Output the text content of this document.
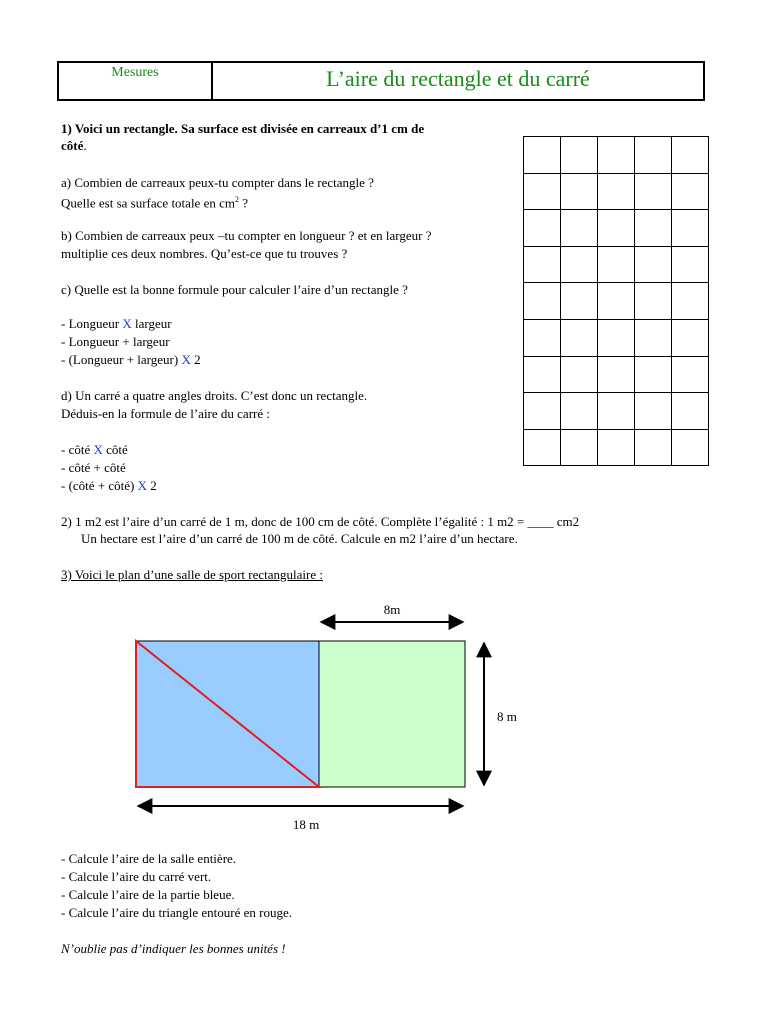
Mesures	L’aire du rectangle et du carré
1) Voici un rectangle. Sa surface est divisée en carreaux d’1 cm de
côté.
a) Combien de carreaux peux-tu compter dans le rectangle ?
Quelle est sa surface totale en $cm^2$ ?
b) Combien de carreaux peux –tu compter en longueur ? et en largeur ?
multiplie ces deux nombres. Qu’est-ce que tu trouves ?
c) Quelle est la bonne formule pour calculer l’aire d’un rectangle ?
- Longueur X largeur
- Longueur + largeur
- (Longueur + largeur) X 2
d) Un carré a quatre angles droits. C’est donc un rectangle.
Déduis-en la formule de l’aire du carré :
- côté X côté
- côté + côté
- (côté + côté) X 2
2) 1 m2 est l’aire d’un carré de 1 m, donc de 100 cm de côté. Complète l’égalité : 1 m2 = ____ cm2
Un hectare est l’aire d’un carré de 100 m de côté. Calcule en m2 l’aire d’un hectare.
3) Voici le plan d’une salle de sport rectangulaire :
8m
8 m
18 m
- Calcule l’aire de la salle entière.
- Calcule l’aire du carré vert.
- Calcule l’aire de la partie bleue.
- Calcule l’aire du triangle entouré en rouge.
N’oublie pas d’indiquer les bonnes unités !
